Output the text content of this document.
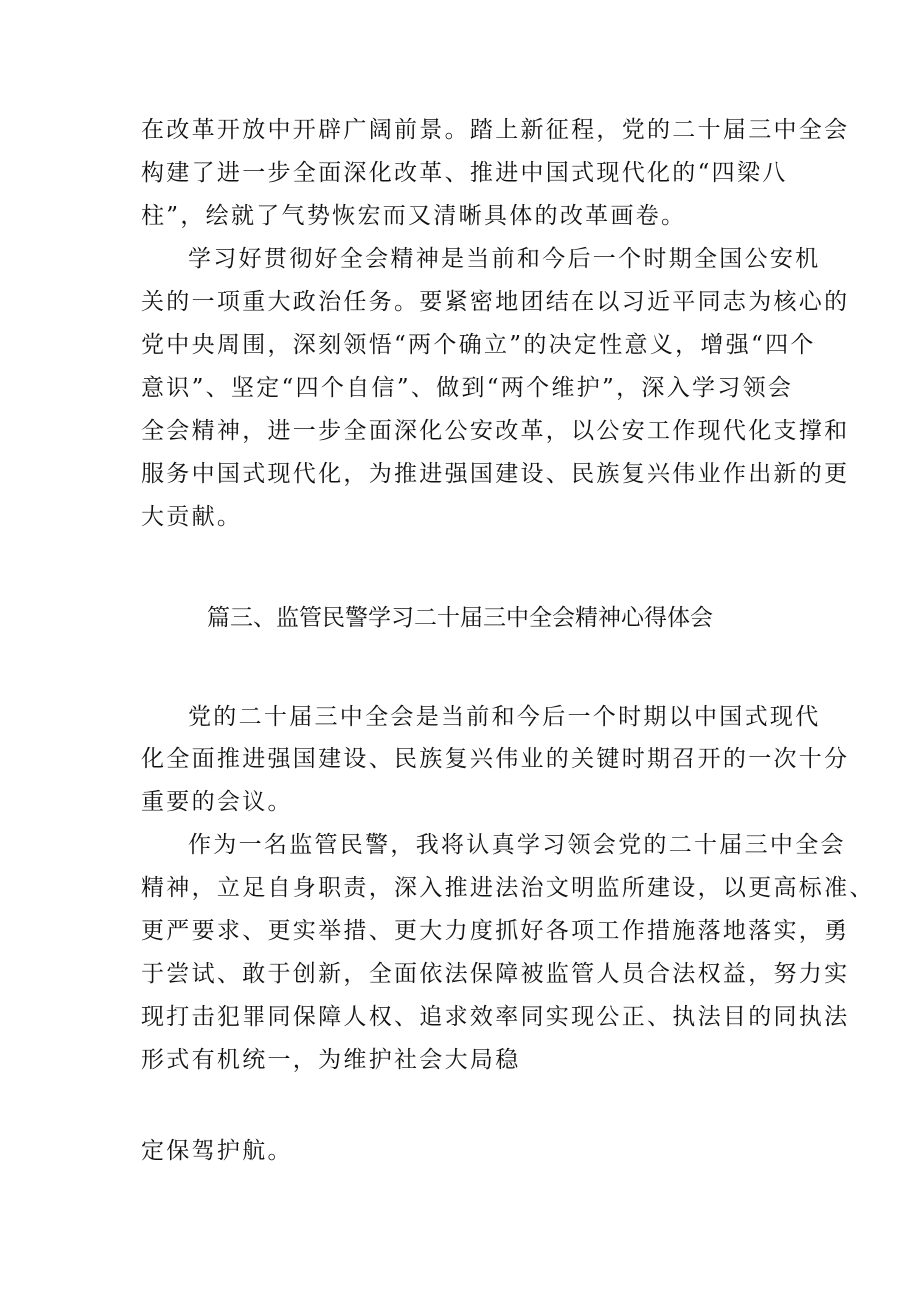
在改革开放中开辟广阔前景。踏上新征程，党的二十届三中全会
构建了进一步全面深化改革、推进中国式现代化的“四梁八
柱”，绘就了气势恢宏而又清晰具体的改革画卷。
学习好贯彻好全会精神是当前和今后一个时期全国公安机
关的一项重大政治任务。要紧密地团结在以习近平同志为核心的
党中央周围，深刻领悟“两个确立”的决定性意义，增强“四个
意识”、坚定“四个自信”、做到“两个维护”，深入学习领会
全会精神，进一步全面深化公安改革，以公安工作现代化支撑和
服务中国式现代化，为推进强国建设、民族复兴伟业作出新的更
大贡献。
篇三、监管民警学习二十届三中全会精神心得体会
党的二十届三中全会是当前和今后一个时期以中国式现代
化全面推进强国建设、民族复兴伟业的关键时期召开的一次十分
重要的会议。
作为一名监管民警，我将认真学习领会党的二十届三中全会
精神，立足自身职责，深入推进法治文明监所建设，以更高标准、
更严要求、更实举措、更大力度抓好各项工作措施落地落实，勇
于尝试、敢于创新，全面依法保障被监管人员合法权益，努力实
现打击犯罪同保障人权、追求效率同实现公正、执法目的同执法
形式有机统一，为维护社会大局稳
定保驾护航。
